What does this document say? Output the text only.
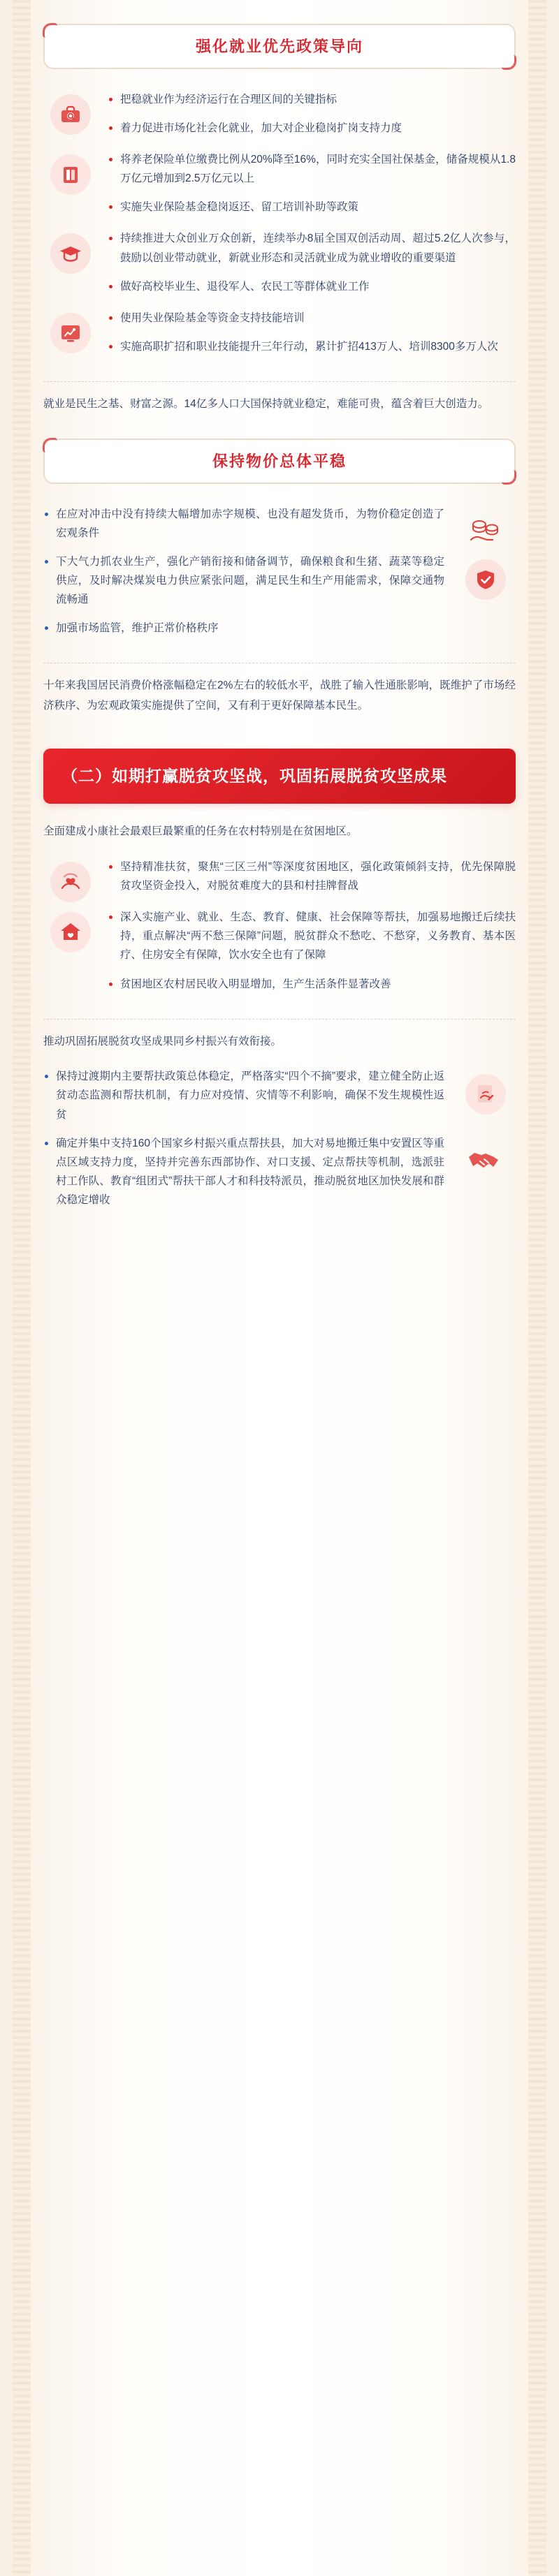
强化就业优先政策导向
把稳就业作为经济运行在合理区间的关键指标
着力促进市场化社会化就业，加大对企业稳岗扩岗支持力度
将养老保险单位缴费比例从20%降至16%，同时充实全国社保基金，储备规模从1.8万亿元增加到2.5万亿元以上
实施失业保险基金稳岗返还、留工培训补助等政策
持续推进大众创业万众创新，连续举办8届全国双创活动周、超过5.2亿人次参与，鼓励以创业带动就业，新就业形态和灵活就业成为就业增收的重要渠道
做好高校毕业生、退役军人、农民工等群体就业工作
使用失业保险基金等资金支持技能培训
实施高职扩招和职业技能提升三年行动，累计扩招413万人、培训8300多万人次

就业是民生之基、财富之源。14亿多人口大国保持就业稳定，难能可贵，蕴含着巨大创造力。

保持物价总体平稳
在应对冲击中没有持续大幅增加赤字规模、也没有超发货币，为物价稳定创造了宏观条件
下大气力抓农业生产，强化产销衔接和储备调节，确保粮食和生猪、蔬菜等稳定供应，及时解决煤炭电力供应紧张问题，满足民生和生产用能需求，保障交通物流畅通
加强市场监管，维护正常价格秩序

十年来我国居民消费价格涨幅稳定在2%左右的较低水平，战胜了输入性通胀影响，既维护了市场经济秩序、为宏观政策实施提供了空间，又有利于更好保障基本民生。

（二）如期打赢脱贫攻坚战，巩固拓展脱贫攻坚成果

全面建成小康社会最艰巨最繁重的任务在农村特别是在贫困地区。

坚持精准扶贫，聚焦“三区三州”等深度贫困地区，强化政策倾斜支持，优先保障脱贫攻坚资金投入，对脱贫难度大的县和村挂牌督战
深入实施产业、就业、生态、教育、健康、社会保障等帮扶，加强易地搬迁后续扶持，重点解决“两不愁三保障”问题，脱贫群众不愁吃、不愁穿，义务教育、基本医疗、住房安全有保障，饮水安全也有了保障
贫困地区农村居民收入明显增加，生产生活条件显著改善

推动巩固拓展脱贫攻坚成果同乡村振兴有效衔接。

保持过渡期内主要帮扶政策总体稳定，严格落实“四个不摘”要求，建立健全防止返贫动态监测和帮扶机制，有力应对疫情、灾情等不利影响，确保不发生规模性返贫
确定并集中支持160个国家乡村振兴重点帮扶县，加大对易地搬迁集中安置区等重点区域支持力度，坚持并完善东西部协作、对口支援、定点帮扶等机制，选派驻村工作队、教育“组团式”帮扶干部人才和科技特派员，推动脱贫地区加快发展和群众稳定增收
